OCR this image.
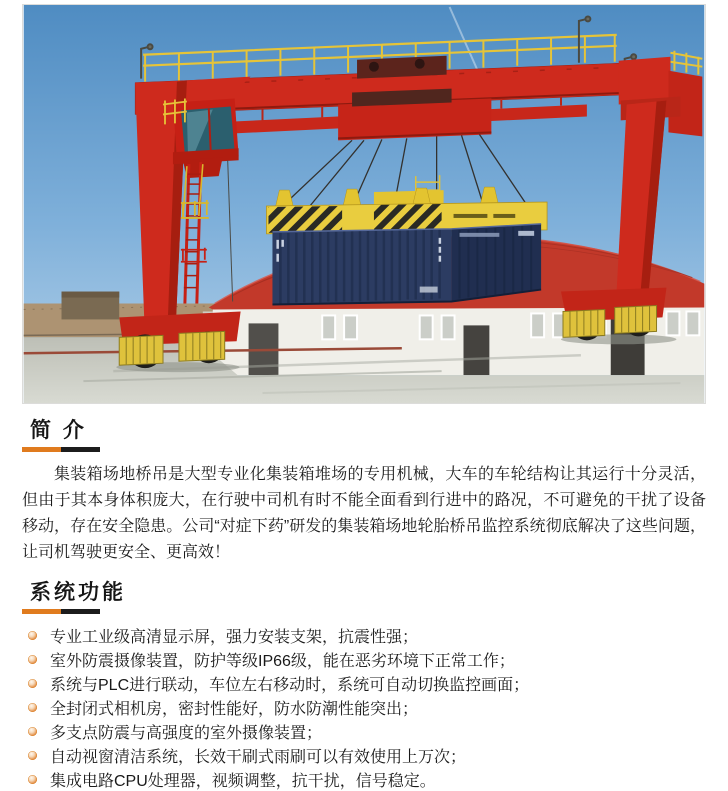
简 介

集装箱场地桥吊是大型专业化集装箱堆场的专用机械，大车的车轮结构让其运行十分灵活，但由于其本身体积庞大，在行驶中司机有时不能全面看到行进中的路况，不可避免的干扰了设备移动，存在安全隐患。公司“对症下药”研发的集装箱场地轮胎桥吊监控系统彻底解决了这些问题，让司机驾驶更安全、更高效！

系统功能
专业工业级高清显示屏，强力安装支架，抗震性强；
室外防震摄像装置，防护等级IP66级，能在恶劣环境下正常工作；
系统与PLC进行联动，车位左右移动时，系统可自动切换监控画面；
全封闭式相机房，密封性能好，防水防潮性能突出；
多支点防震与高强度的室外摄像装置；
自动视窗清洁系统，长效干刷式雨刷可以有效使用上万次；
集成电路CPU处理器，视频调整，抗干扰，信号稳定。
